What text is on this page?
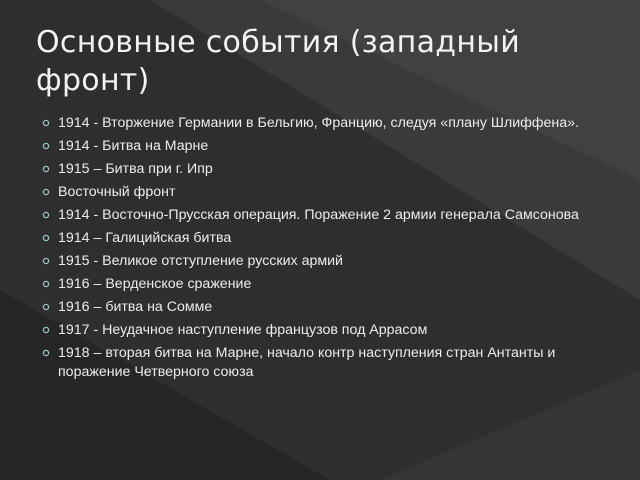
Основные события (западный фронт)
1914 - Вторжение Германии в Бельгию, Францию, следуя «плану Шлиффена».
1914 - Битва на Марне
1915 – Битва при г. Ипр
Восточный фронт
1914 - Восточно-Прусская операция. Поражение 2 армии генерала Самсонова
1914 – Галицийская битва
1915 - Великое отступление русских армий
1916 – Верденское сражение
1916 – битва на Сомме
1917 - Неудачное наступление французов под Аррасом
1918 – вторая битва на Марне, начало контр наступления стран Антанты и поражение Четверного союза
